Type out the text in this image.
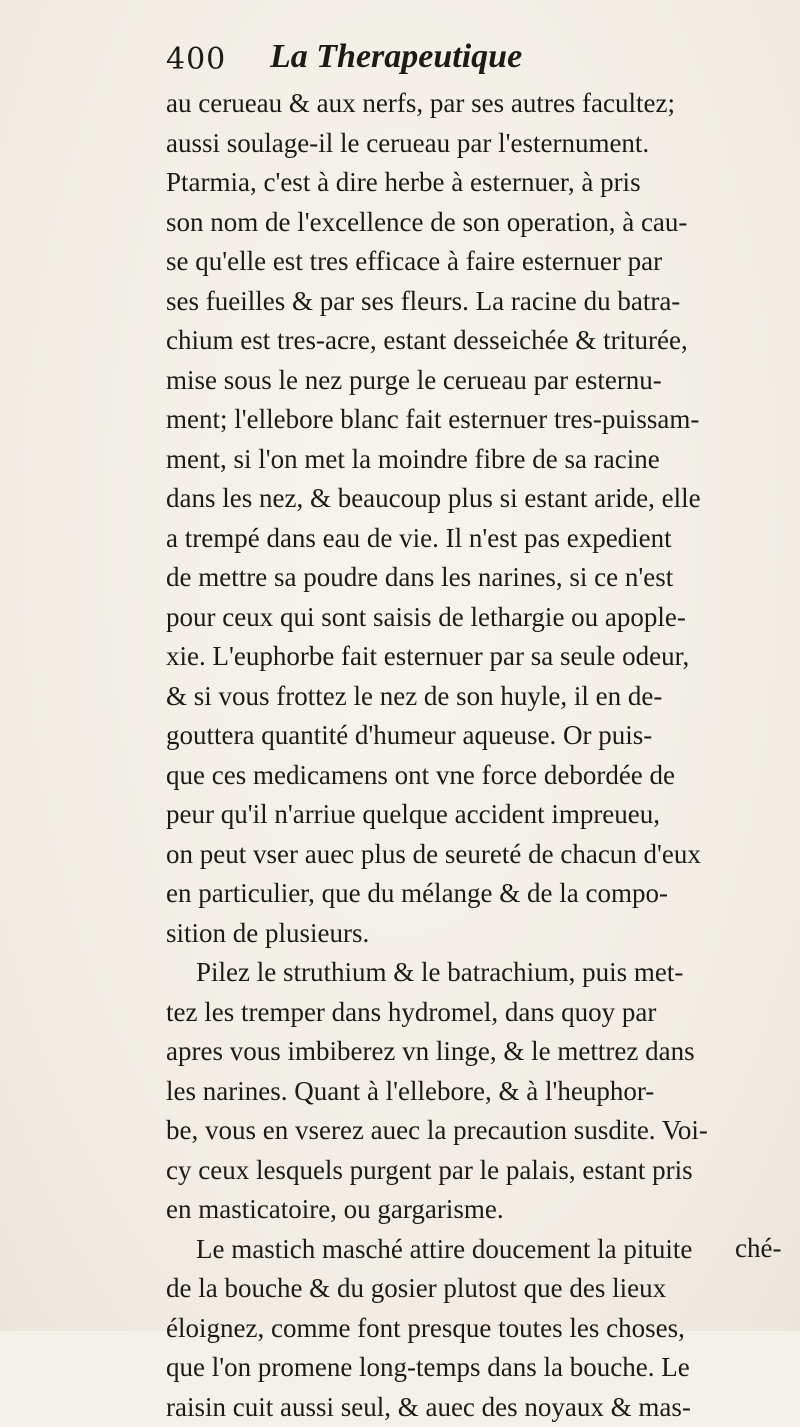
400 La Therapeutique
au cerueau & aux nerfs, par ses autres facultez;
aussi soulage-il le cerueau par l'esternument.
Ptarmia, c'est à dire herbe à esternuer, à pris
son nom de l'excellence de son operation, à cau-
se qu'elle est tres efficace à faire esternuer par
ses fueilles & par ses fleurs. La racine du batra-
chium est tres-acre, estant desseichée & triturée,
mise sous le nez purge le cerueau par esternu-
ment; l'ellebore blanc fait esternuer tres-puissam-
ment, si l'on met la moindre fibre de sa racine
dans les nez, & beaucoup plus si estant aride, elle
a trempé dans eau de vie. Il n'est pas expedient
de mettre sa poudre dans les narines, si ce n'est
pour ceux qui sont saisis de lethargie ou apople-
xie. L'euphorbe fait esternuer par sa seule odeur,
& si vous frottez le nez de son huyle, il en de-
gouttera quantité d'humeur aqueuse. Or puis-
que ces medicamens ont vne force debordée de
peur qu'il n'arriue quelque accident impreueu,
on peut vser auec plus de seureté de chacun d'eux
en particulier, que du mélange & de la compo-
sition de plusieurs.
Pilez le struthium & le batrachium, puis met-
tez les tremper dans hydromel, dans quoy par
apres vous imbiberez vn linge, & le mettrez dans
les narines. Quant à l'ellebore, & à l'heuphor-
be, vous en vserez auec la precaution susdite. Voi-
cy ceux lesquels purgent par le palais, estant pris
en masticatoire, ou gargarisme.
Le mastich masché attire doucement la pituite
de la bouche & du gosier plutost que des lieux
éloignez, comme font presque toutes les choses,
que l'on promene long-temps dans la bouche. Le
raisin cuit aussi seul, & auec des noyaux & mas-
ché-
